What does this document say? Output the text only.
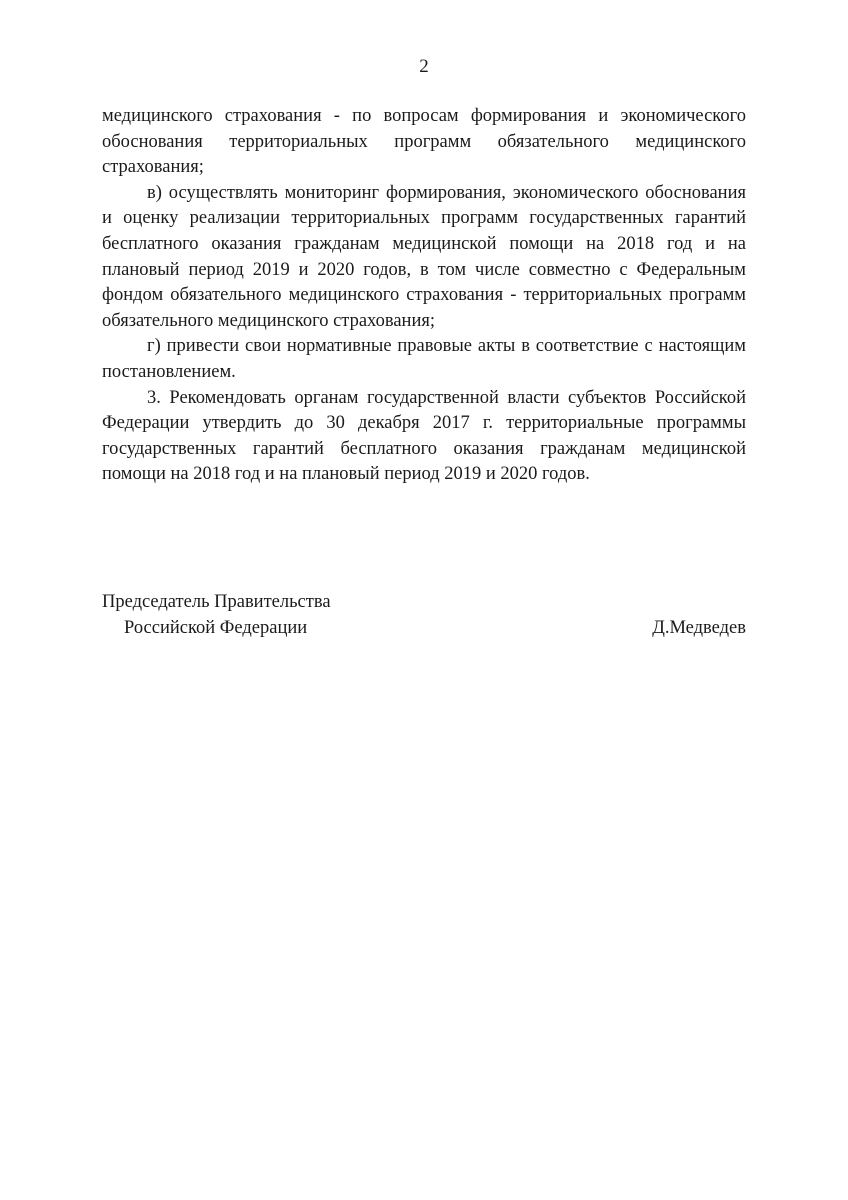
2

медицинского страхования - по вопросам формирования и экономического обоснования территориальных программ обязательного медицинского страхования;

в) осуществлять мониторинг формирования, экономического обоснования и оценку реализации территориальных программ государственных гарантий бесплатного оказания гражданам медицинской помощи на 2018 год и на плановый период 2019 и 2020 годов, в том числе совместно с Федеральным фондом обязательного медицинского страхования - территориальных программ обязательного медицинского страхования;

г) привести свои нормативные правовые акты в соответствие с настоящим постановлением.

3. Рекомендовать органам государственной власти субъектов Российской Федерации утвердить до 30 декабря 2017 г. территориальные программы государственных гарантий бесплатного оказания гражданам медицинской помощи на 2018 год и на плановый период 2019 и 2020 годов.

Председатель Правительства
Российской Федерации	Д.Медведев
